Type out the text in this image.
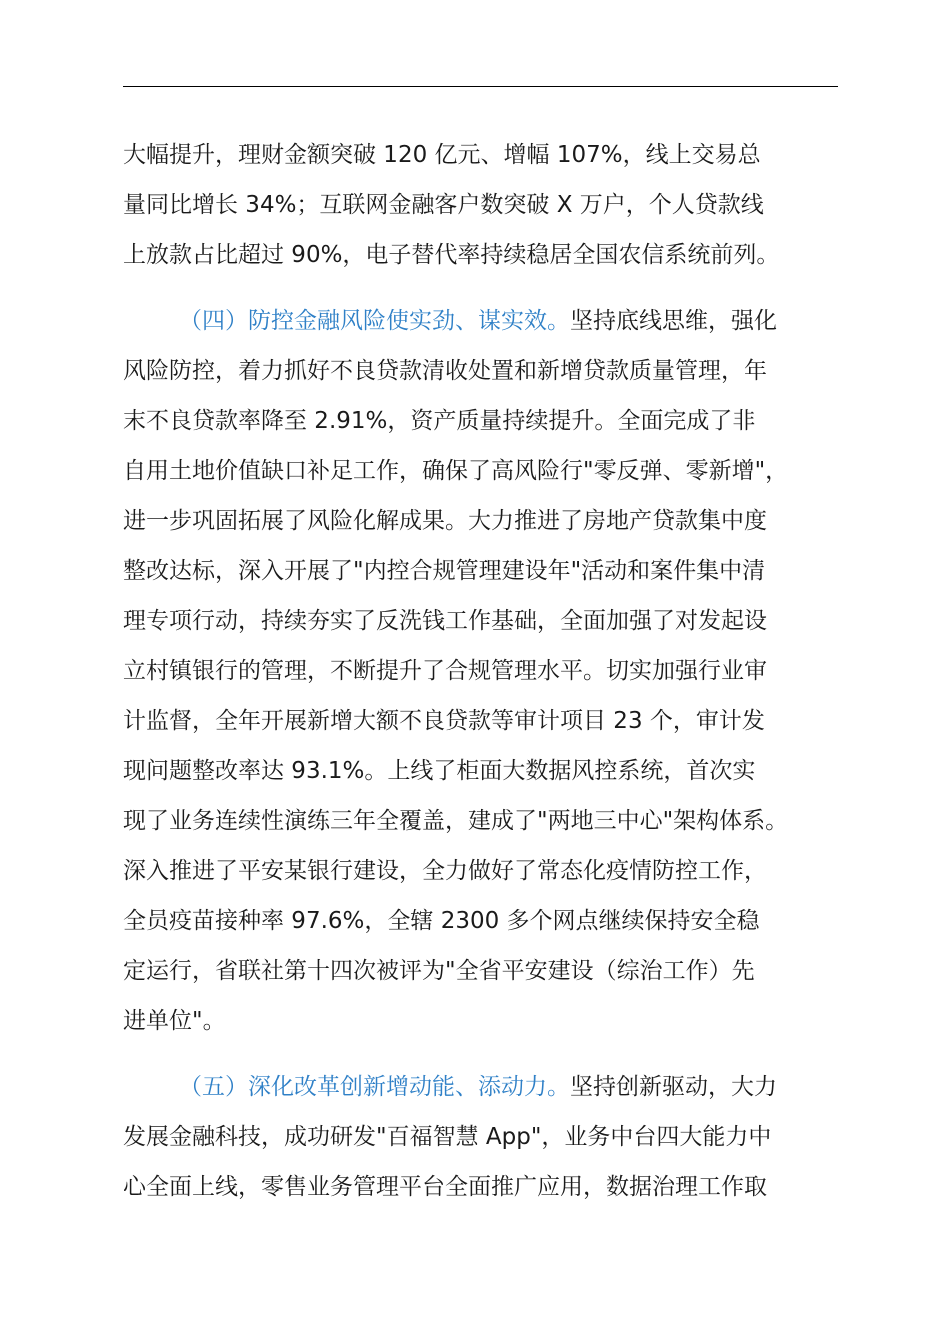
大幅提升，理财金额突破 120 亿元、增幅 107%，线上交易总
量同比增长 34%；互联网金融客户数突破 X 万户，个人贷款线
上放款占比超过 90%，电子替代率持续稳居全国农信系统前列。
（四）防控金融风险使实劲、谋实效。坚持底线思维，强化
风险防控，着力抓好不良贷款清收处置和新增贷款质量管理，年
末不良贷款率降至 2.91%，资产质量持续提升。全面完成了非
自用土地价值缺口补足工作，确保了高风险行"零反弹、零新增"，
进一步巩固拓展了风险化解成果。大力推进了房地产贷款集中度
整改达标，深入开展了"内控合规管理建设年"活动和案件集中清
理专项行动，持续夯实了反洗钱工作基础，全面加强了对发起设
立村镇银行的管理，不断提升了合规管理水平。切实加强行业审
计监督，全年开展新增大额不良贷款等审计项目 23 个，审计发
现问题整改率达 93.1%。上线了柜面大数据风控系统，首次实
现了业务连续性演练三年全覆盖，建成了"两地三中心"架构体系。
深入推进了平安某银行建设，全力做好了常态化疫情防控工作，
全员疫苗接种率 97.6%，全辖 2300 多个网点继续保持安全稳
定运行，省联社第十四次被评为"全省平安建设（综治工作）先
进单位"。
（五）深化改革创新增动能、添动力。坚持创新驱动，大力
发展金融科技，成功研发"百福智慧 App"，业务中台四大能力中
心全面上线，零售业务管理平台全面推广应用，数据治理工作取
